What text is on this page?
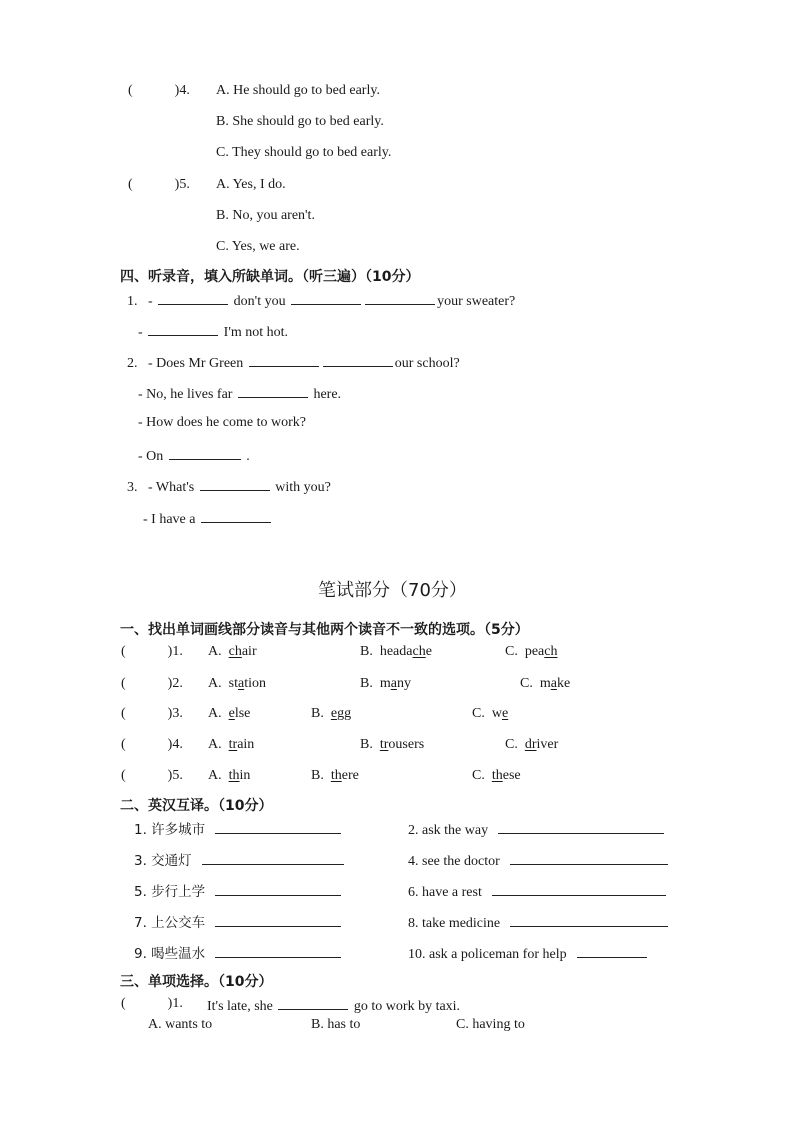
(　　　)4. A. He should go to bed early.
B. She should go to bed early.
C. They should go to bed early.
(　　　)5. A. Yes, I do.
B. No, you aren't.
C. Yes, we are.
四、听录音，填入所缺单词。（听三遍）（10分）
1. -	don't you	your sweater?
-	I'm not hot.
2. - Does Mr Green	our school?
- No, he lives far	here.
- How does he come to work?
- On	.
3. - What's	with you?
- I have a
笔试部分（70分）
一、找出单词画线部分读音与其他两个读音不一致的选项。（5分）
(　　　)1. A. chair	B. headache	C. peach
(　　　)2. A. station	B. many	C. make
(　　　)3. A. else	B. egg	C. we
(　　　)4. A. train	B. trousers	C. driver
(　　　)5. A. thin	B. there	C. these
二、英汉互译。（10分）
1. 许多城市	2. ask the way
3. 交通灯	4. see the doctor
5. 步行上学	6. have a rest
7. 上公交车	8. take medicine
9. 喝些温水	10. ask a policeman for help
三、单项选择。（10分）
(　　　)1. It's late, she	go to work by taxi.
A. wants to	B. has to	C. having to
